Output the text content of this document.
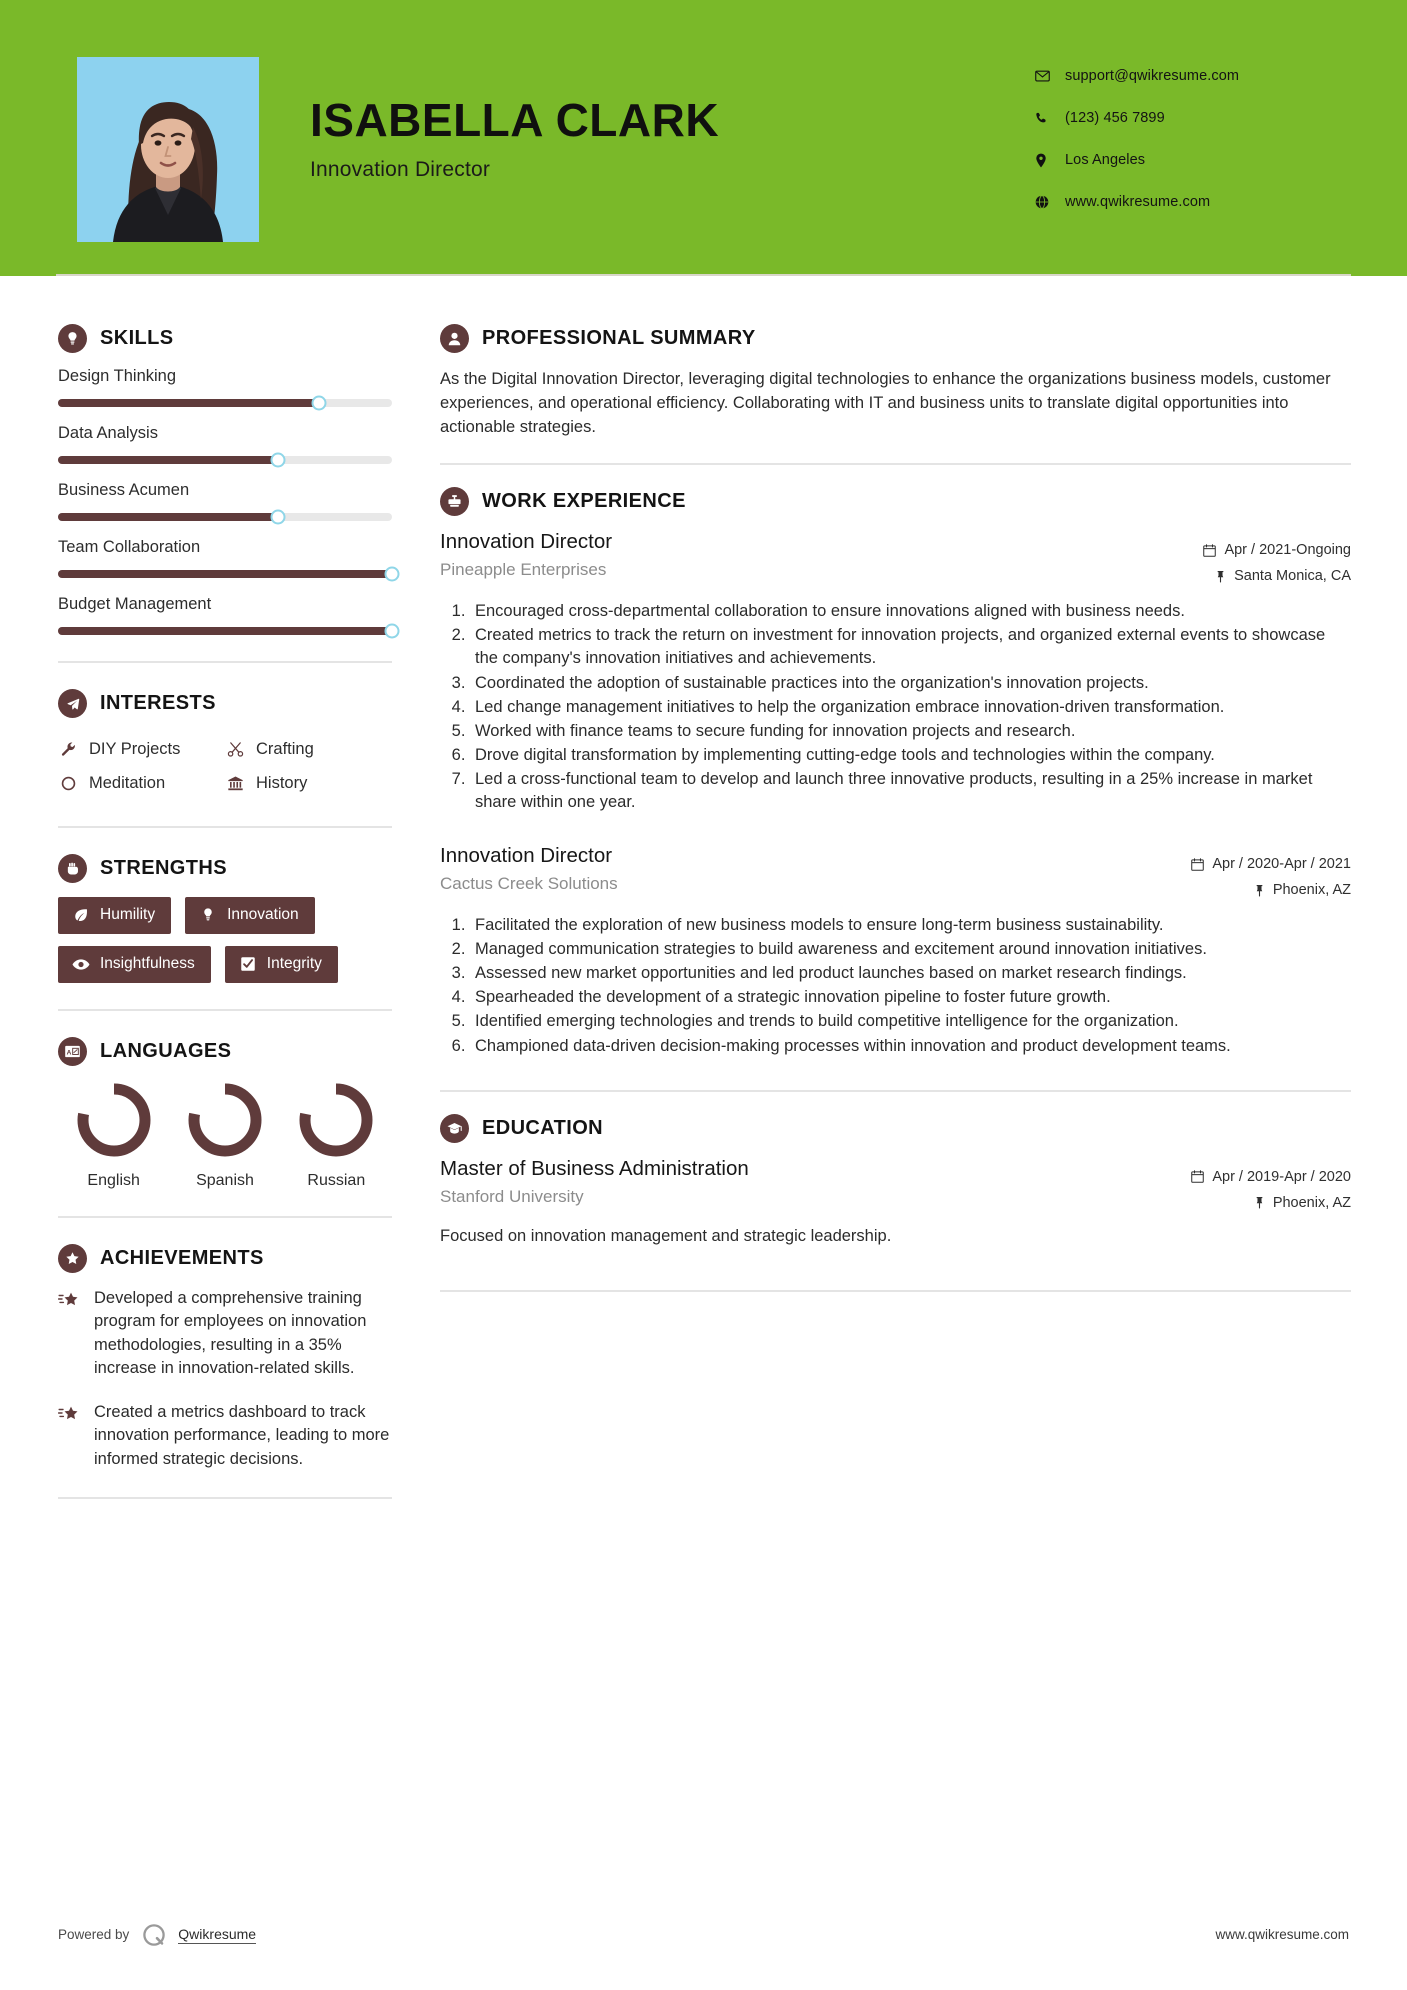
ISABELLA CLARK
Innovation Director
support@qwikresume.com
(123) 456 7899
Los Angeles
www.qwikresume.com
SKILLS
Design Thinking
Data Analysis
Business Acumen
Team Collaboration
Budget Management
INTERESTS
DIY Projects	Crafting
Meditation	History
STRENGTHS
Humility	Innovation
Insightfulness	Integrity
A LANGUAGES
English	Spanish	Russian
ACHIEVEMENTS
Developed a comprehensive training program for employees on innovation methodologies, resulting in a 35% increase in innovation-related skills.
Created a metrics dashboard to track innovation performance, leading to more informed strategic decisions.
PROFESSIONAL SUMMARY
As the Digital Innovation Director, leveraging digital technologies to enhance the organizations business models, customer experiences, and operational efficiency. Collaborating with IT and business units to translate digital opportunities into actionable strategies.
WORK EXPERIENCE
Innovation Director
Pineapple Enterprises
Apr / 2021-Ongoing
Santa Monica, CA
1. Encouraged cross-departmental collaboration to ensure innovations aligned with business needs.
2. Created metrics to track the return on investment for innovation projects, and organized external events to showcase the company's innovation initiatives and achievements.
3. Coordinated the adoption of sustainable practices into the organization's innovation projects.
4. Led change management initiatives to help the organization embrace innovation-driven transformation.
5. Worked with finance teams to secure funding for innovation projects and research.
6. Drove digital transformation by implementing cutting-edge tools and technologies within the company.
7. Led a cross-functional team to develop and launch three innovative products, resulting in a 25% increase in market share within one year.
Innovation Director
Cactus Creek Solutions
Apr / 2020-Apr / 2021
Phoenix, AZ
1. Facilitated the exploration of new business models to ensure long-term business sustainability.
2. Managed communication strategies to build awareness and excitement around innovation initiatives.
3. Assessed new market opportunities and led product launches based on market research findings.
4. Spearheaded the development of a strategic innovation pipeline to foster future growth.
5. Identified emerging technologies and trends to build competitive intelligence for the organization.
6. Championed data-driven decision-making processes within innovation and product development teams.
EDUCATION
Master of Business Administration
Stanford University
Apr / 2019-Apr / 2020
Phoenix, AZ
Focused on innovation management and strategic leadership.
Powered by	Qwikresume	www.qwikresume.com
